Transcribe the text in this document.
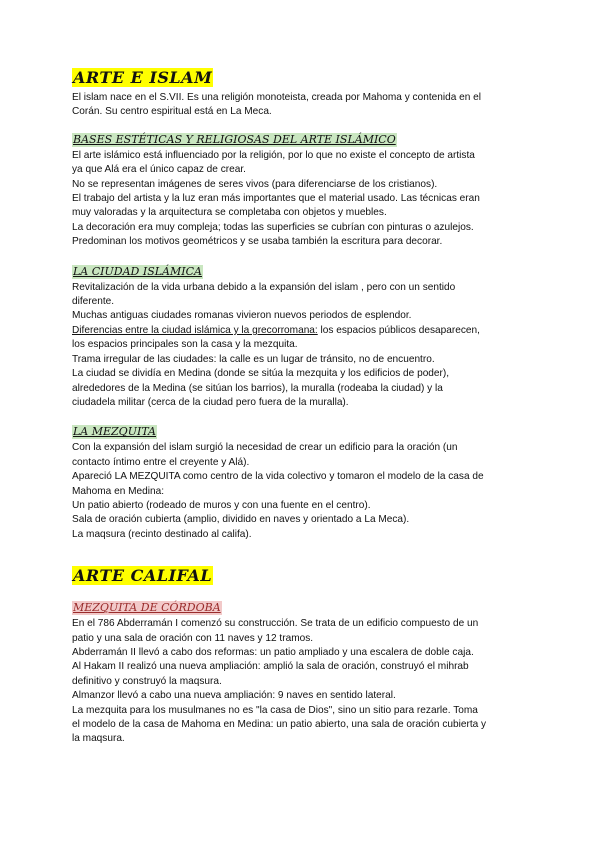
ARTE E ISLAM

El islam nace en el S.VII. Es una religión monoteista, creada por Mahoma y contenida en el

Corán. Su centro espiritual está en La Meca.

BASES ESTÉTICAS Y RELIGIOSAS DEL ARTE ISLÁMICO

El arte islámico está influenciado por la religión, por lo que no existe el concepto de artista

ya que Alá era el único capaz de crear.

No se representan imágenes de seres vivos (para diferenciarse de los cristianos).

El trabajo del artista y la luz eran más importantes que el material usado. Las técnicas eran

muy valoradas y la arquitectura se completaba con objetos y muebles.

La decoración era muy compleja; todas las superficies se cubrían con pinturas o azulejos.

Predominan los motivos geométricos y se usaba también la escritura para decorar.

LA CIUDAD ISLÁMICA

Revitalización de la vida urbana debido a la expansión del islam , pero con un sentido

diferente.

Muchas antiguas ciudades romanas vivieron nuevos periodos de esplendor.

Diferencias entre la ciudad islámica y la grecorromana: los espacios públicos desaparecen,

los espacios principales son la casa y la mezquita.

Trama irregular de las ciudades: la calle es un lugar de tránsito, no de encuentro.

La ciudad se dividía en Medina (donde se sitúa la mezquita y los edificios de poder),

alrededores de la Medina (se sitúan los barrios), la muralla (rodeaba la ciudad) y la

ciudadela militar (cerca de la ciudad pero fuera de la muralla).

LA MEZQUITA

Con la expansión del islam surgió la necesidad de crear un edificio para la oración (un

contacto íntimo entre el creyente y Alá).

Apareció LA MEZQUITA como centro de la vida colectivo y tomaron el modelo de la casa de

Mahoma en Medina:

Un patio abierto (rodeado de muros y con una fuente en el centro).

Sala de oración cubierta (amplio, dividido en naves y orientado a La Meca).

La maqsura (recinto destinado al califa).

ARTE CALIFAL
MEZQUITA DE CÓRDOBA

En el 786 Abderramán I comenzó su construcción. Se trata de un edificio compuesto de un

patio y una sala de oración con 11 naves y 12 tramos.

Abderramán II llevó a cabo dos reformas: un patio ampliado y una escalera de doble caja.

Al Hakam II realizó una nueva ampliación: amplió la sala de oración, construyó el mihrab

definitivo y construyó la maqsura.

Almanzor llevó a cabo una nueva ampliación: 9 naves en sentido lateral.

La mezquita para los musulmanes no es "la casa de Dios", sino un sitio para rezarle. Toma

el modelo de la casa de Mahoma en Medina: un patio abierto, una sala de oración cubierta y

la maqsura.
